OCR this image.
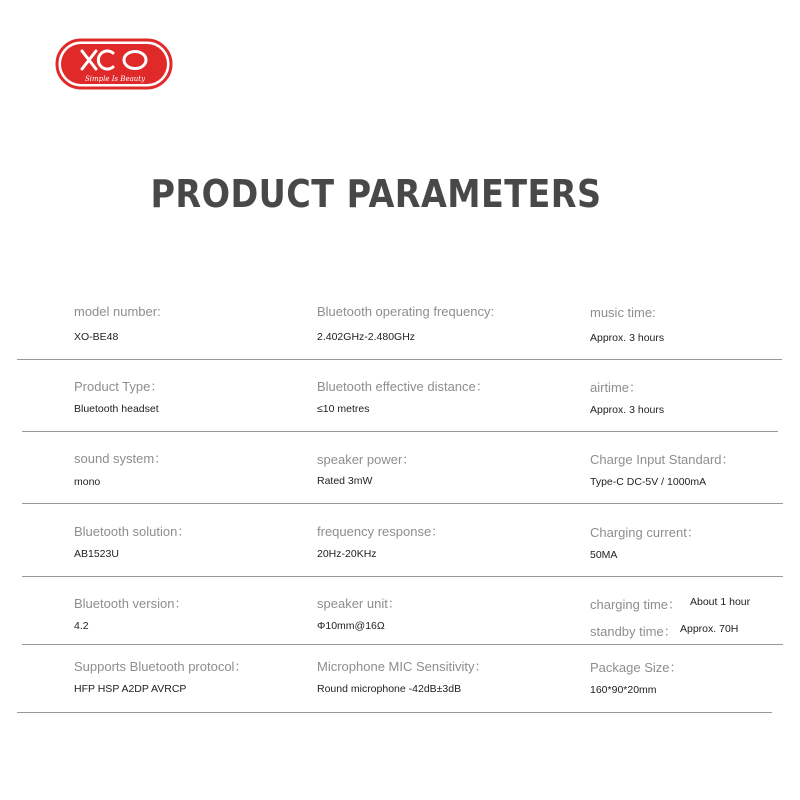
Simple Is Beauty
PRODUCT PARAMETERS
model number:
XO-BE48
Bluetooth operating frequency:
2.402GHz-2.480GHz
music time:
Approx. 3 hours
Product Type：
Bluetooth headset
Bluetooth effective distance：
≤10 metres
airtime：
Approx. 3 hours
sound system：
mono
speaker power：
Rated 3mW
Charge Input Standard：
Type-C DC-5V / 1000mA
Bluetooth solution：
AB1523U
frequency response：
20Hz-20KHz
Charging current：
50MA
Bluetooth version：
4.2
speaker unit：
Φ10mm@16Ω
charging time： About 1 hour
standby time： Approx. 70H
Supports Bluetooth protocol：
HFP HSP A2DP AVRCP
Microphone MIC Sensitivity：
Round microphone -42dB±3dB
Package Size：
160*90*20mm
